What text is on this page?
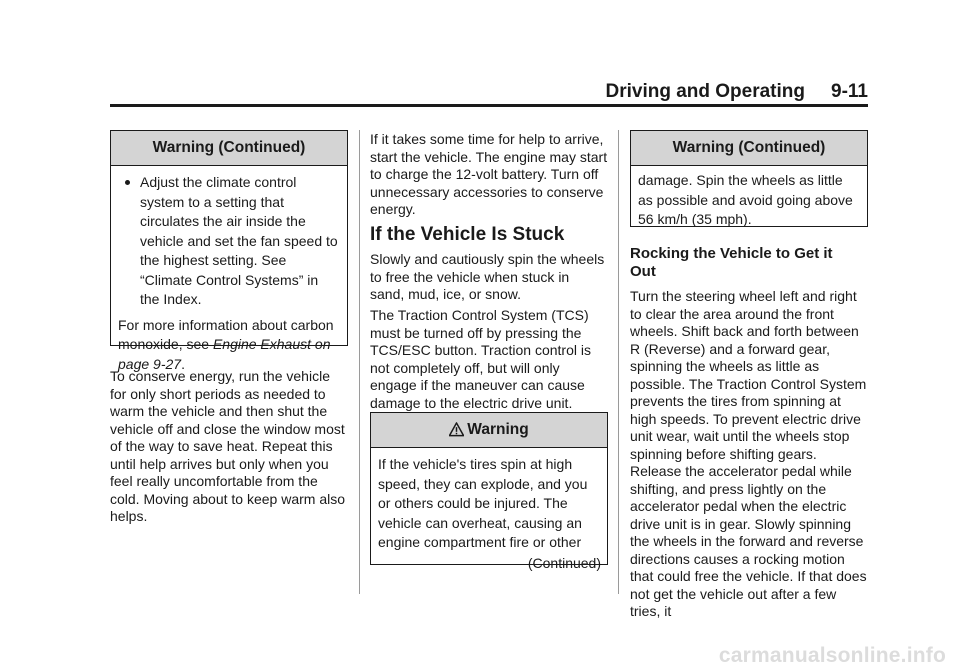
Driving and Operating 9-11
Warning (Continued)
Adjust the climate control system to a setting that circulates the air inside the vehicle and set the fan speed to the highest setting. See “Climate Control Systems” in the Index.
For more information about carbon monoxide, see Engine Exhaust on page 9-27.

To conserve energy, run the vehicle for only short periods as needed to warm the vehicle and then shut the vehicle off and close the window most of the way to save heat. Repeat this until help arrives but only when you feel really uncomfortable from the cold. Moving about to keep warm also helps.

If it takes some time for help to arrive, start the vehicle. The engine may start to charge the 12-volt battery. Turn off unnecessary accessories to conserve energy.

If the Vehicle Is Stuck

Slowly and cautiously spin the wheels to free the vehicle when stuck in sand, mud, ice, or snow.

The Traction Control System (TCS) must be turned off by pressing the TCS/ESC button. Traction control is not completely off, but will only engage if the maneuver can cause damage to the electric drive unit.

Warning
If the vehicle's tires spin at high speed, they can explode, and you or others could be injured. The vehicle can overheat, causing an engine compartment fire or other
(Continued)
Warning (Continued)
damage. Spin the wheels as little as possible and avoid going above 56 km/h (35 mph).
Rocking the Vehicle to Get it Out

Turn the steering wheel left and right to clear the area around the front wheels. Shift back and forth between R (Reverse) and a forward gear, spinning the wheels as little as possible. The Traction Control System prevents the tires from spinning at high speeds. To prevent electric drive unit wear, wait until the wheels stop spinning before shifting gears. Release the accelerator pedal while shifting, and press lightly on the accelerator pedal when the electric drive unit is in gear. Slowly spinning the wheels in the forward and reverse directions causes a rocking motion that could free the vehicle. If that does not get the vehicle out after a few tries, it

carmanualsonline.info
